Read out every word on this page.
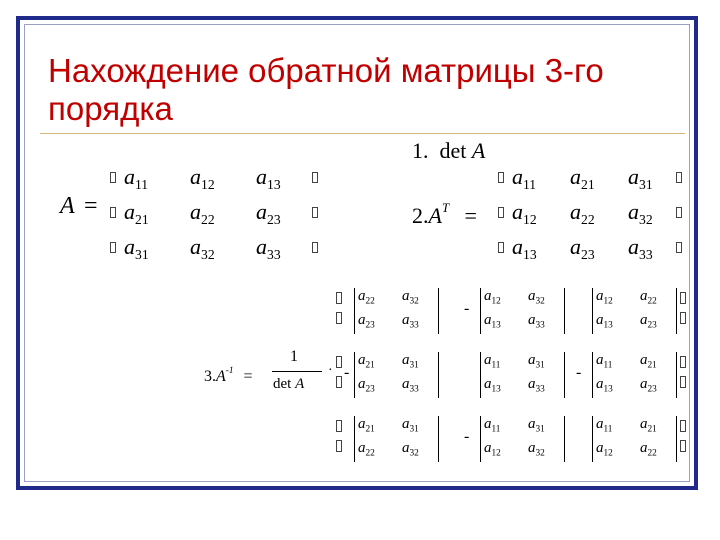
Нахождение обратной матрицы 3-го
порядка
1. det A
A =
$a_{11}$ $a_{12}$ $a_{13}$
$a_{21}$ $a_{22}$ $a_{23}$
$a_{31}$ $a_{32}$ $a_{33}$
$2.A^T$ =
$a_{11}$ $a_{21}$ $a_{31}$
$a_{12}$ $a_{22}$ $a_{32}$
$a_{13}$ $a_{23}$ $a_{33}$
$3.A^{-1}$ =
1
det A
·
$a_{22}$ $a_{32}$
$a_{23}$ $a_{33}$
$a_{12}$ $a_{32}$
$a_{13}$ $a_{33}$
-
$a_{12}$ $a_{22}$
$a_{13}$ $a_{23}$
$a_{21}$ $a_{31}$
$a_{23}$ $a_{33}$
-
$a_{11}$ $a_{31}$
$a_{13}$ $a_{33}$
$a_{11}$ $a_{21}$
$a_{13}$ $a_{23}$
-
$a_{21}$ $a_{31}$
$a_{22}$ $a_{32}$
$a_{11}$ $a_{31}$
$a_{12}$ $a_{32}$
-
$a_{11}$ $a_{21}$
$a_{12}$ $a_{22}$
